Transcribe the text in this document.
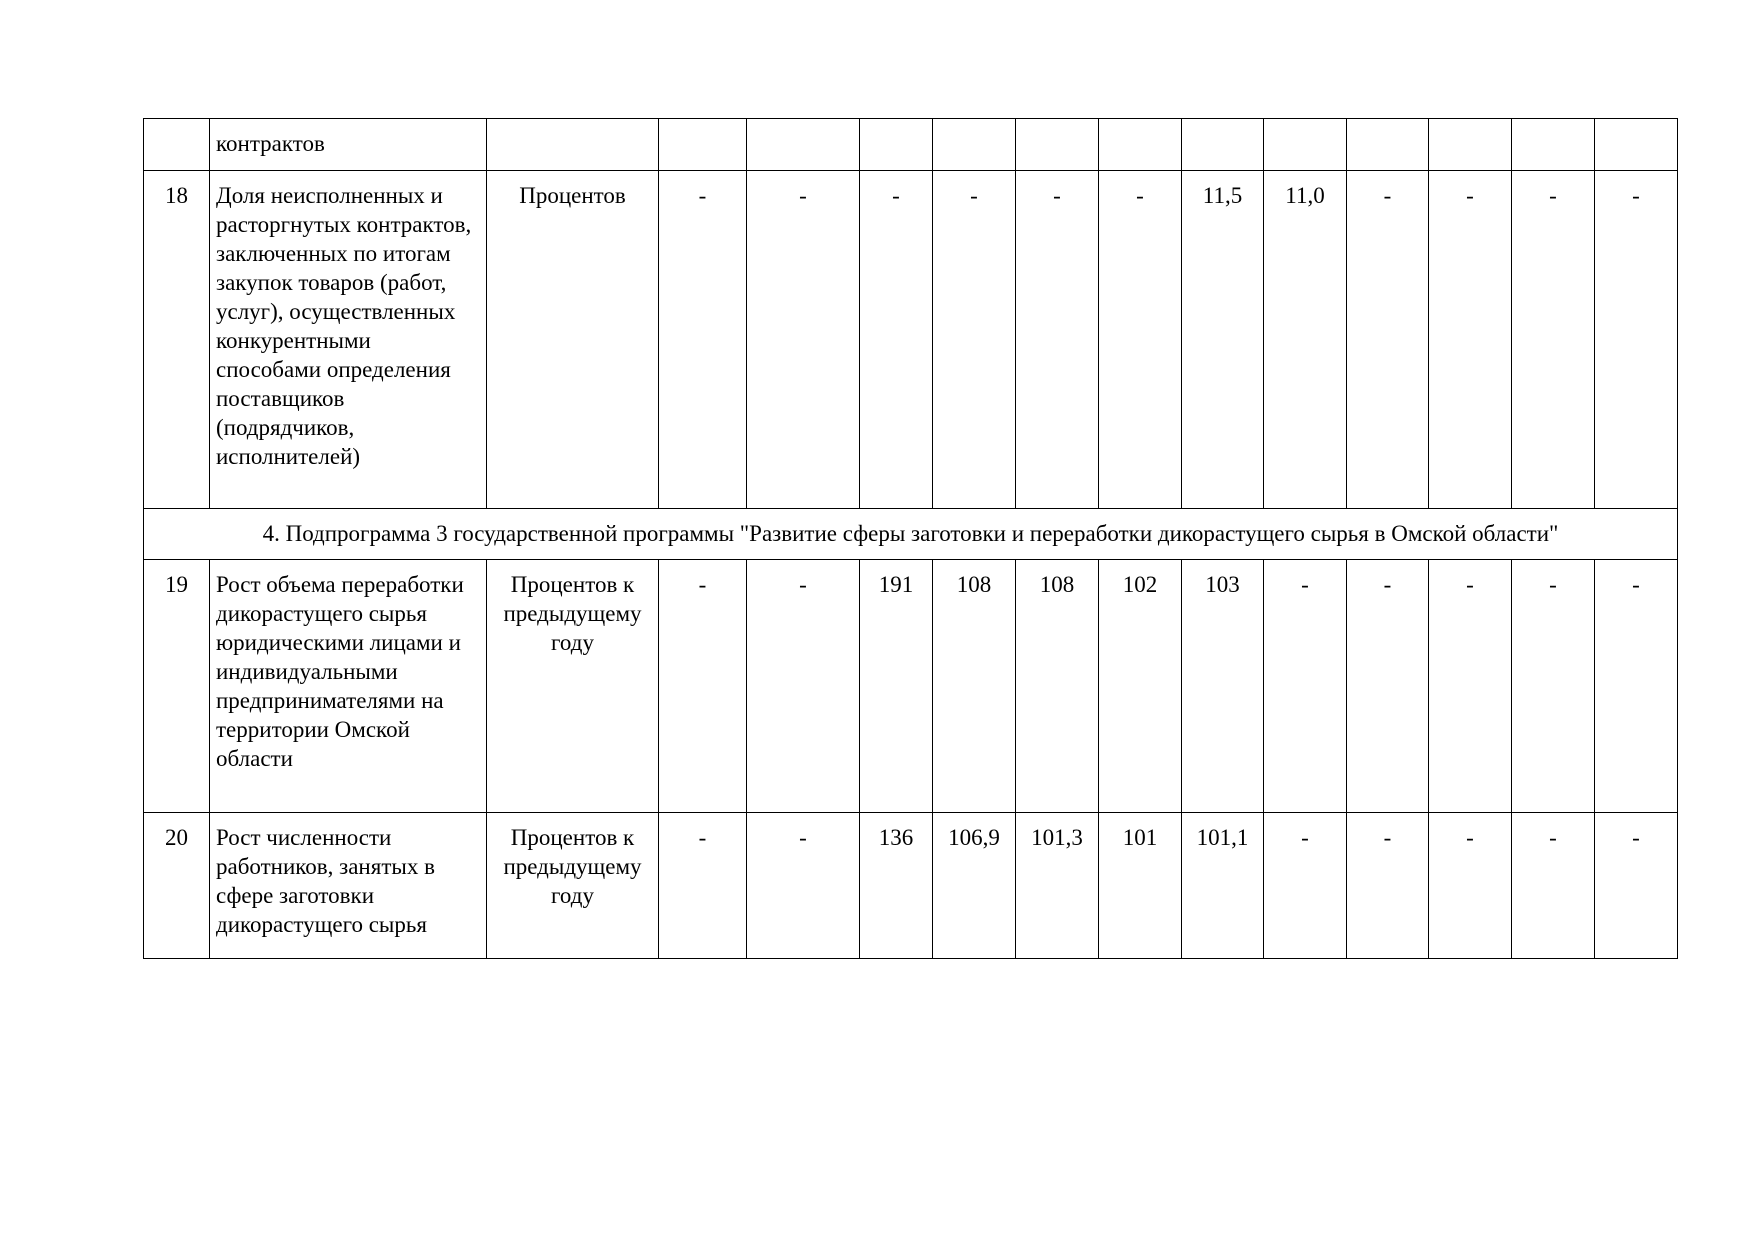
	контрактов													
18	Доля неисполненных и расторгнутых контрактов, заключенных по итогам закупок товаров (работ, услуг), осуществленных конкурентными способами определения поставщиков (подрядчиков, исполнителей)	Процентов	-	-	-	-	-	-	11,5	11,0	-	-	-	-
4. Подпрограмма 3 государственной программы "Развитие сферы заготовки и переработки дикорастущего сырья в Омской области"														
19	Рост объема переработки дикорастущего сырья юридическими лицами и индивидуальными предпринимателями на территории Омской области	Процентов к предыдущему году	-	-	191	108	108	102	103	-	-	-	-	-
20	Рост численности работников, занятых в сфере заготовки дикорастущего сырья	Процентов к предыдущему году	-	-	136	106,9	101,3	101	101,1	-	-	-	-	-
